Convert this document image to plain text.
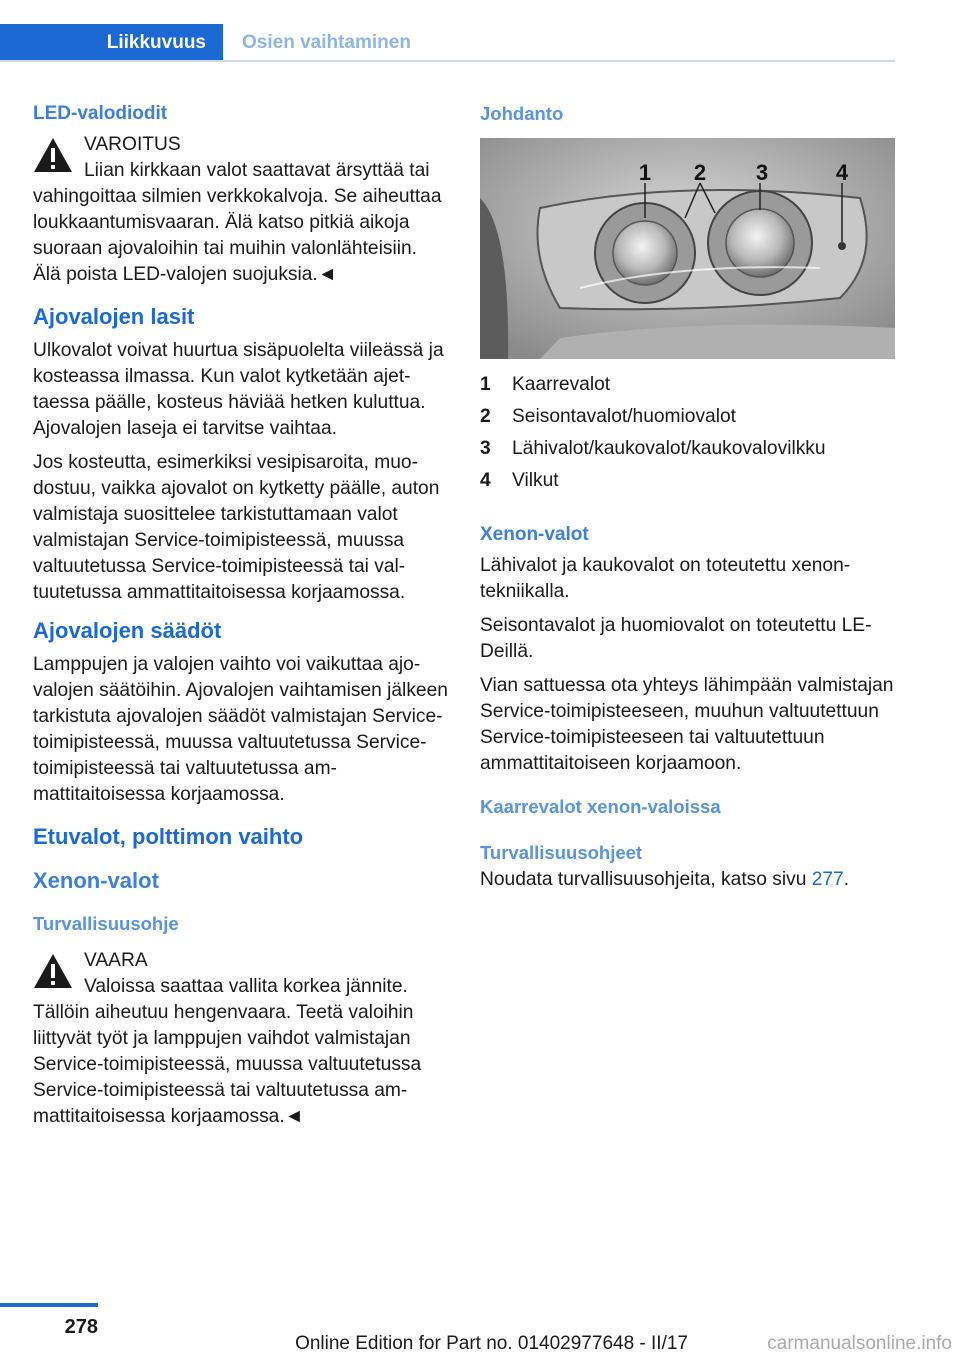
Liikkuvuus	Osien vaihtaminen
LED-valodiodit

VAROITUS

Liian kirkkaan valot saattavat ärsyttää tai vahingoittaa silmien verkkokalvoja. Se aiheuttaa loukkaantumisvaaran. Älä katso pitkiä aikoja suoraan ajovaloihin tai muihin valonlähteisiin. Älä poista LED-valojen suojuksia.◄

Ajovalojen lasit

Ulkovalot voivat huurtua sisäpuolelta viileässä ja kosteassa ilmassa. Kun valot kytketään ajettaessa päälle, kosteus häviää hetken kuluttua. Ajovalojen laseja ei tarvitse vaihtaa.

Jos kosteutta, esimerkiksi vesipisaroita, muodostuu, vaikka ajovalot on kytketty päälle, auton valmistaja suosittelee tarkistuttamaan valot valmistajan Service-toimipisteessä, muussa valtuutetussa Service-toimipisteessä tai valtuutetussa ammattitaitoisessa korjaamossa.

Ajovalojen säädöt

Lamppujen ja valojen vaihto voi vaikuttaa ajovalojen säätöihin. Ajovalojen vaihtamisen jälkeen tarkistuta ajovalojen säädöt valmistajan Service-toimipisteessä, muussa valtuutetussa Service-toimipisteessä tai valtuutetussa ammattitaitoisessa korjaamossa.

Etuvalot, polttimon vaihto
Xenon-valot
Turvallisuusohje

VAARA

Valoissa saattaa vallita korkea jännite. Tällöin aiheutuu hengenvaara. Teetä valoihin liittyvät työt ja lamppujen vaihdot valmistajan Service-toimipisteessä, muussa valtuutetussa Service-toimipisteessä tai valtuutetussa ammattitaitoisessa korjaamossa.◄

Johdanto
1 2 3	4
1	Kaarrevalot
2	Seisontavalot/huomiovalot
3	Lähivalot/kaukovalot/kaukovalovilkku
4	Vilkut
Xenon-valot

Lähivalot ja kaukovalot on toteutettu xenontekniikalla.

Seisontavalot ja huomiovalot on toteutettu LEDeillä.

Vian sattuessa ota yhteys lähimpään valmistajan Service-toimipisteeseen, muuhun valtuutettuun Service-toimipisteeseen tai valtuutettuun ammattitaitoiseen korjaamoon.

Kaarrevalot xenon-valoissa
Turvallisuusohjeet

Noudata turvallisuusohjeita, katso sivu 277.

278
Online Edition for Part no. 01402977648 - II/17	carmanualsonline.info
